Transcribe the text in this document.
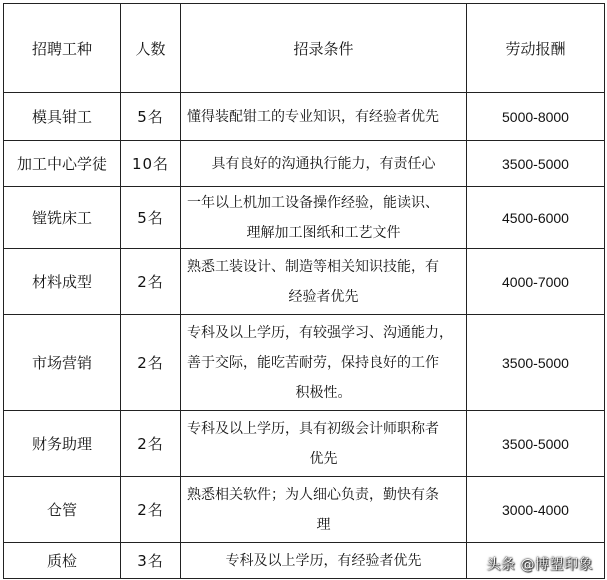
招聘工种	人数	招录条件	劳动报酬
模具钳工	5名	懂得装配钳工的专业知识，有经验者优先	5000-8000
加工中心学徒	10名	具有良好的沟通执行能力，有责任心	3500-5000
镗铣床工	5名	一年以上机加工设备操作经验，能读识、
理解加工图纸和工艺文件	4500-6000
材料成型	2名	熟悉工装设计、制造等相关知识技能，有
经验者优先	4000-7000
市场营销	2名	专科及以上学历，有较强学习、沟通能力，
善于交际，能吃苦耐劳，保持良好的工作
积极性。	3500-5000
财务助理	2名	专科及以上学历，具有初级会计师职称者
优先	3500-5000
仓管	2名	熟悉相关软件；为人细心负责，勤快有条
理	3000-4000
质检	3名	专科及以上学历，有经验者优先	
		头条 @博望印象
